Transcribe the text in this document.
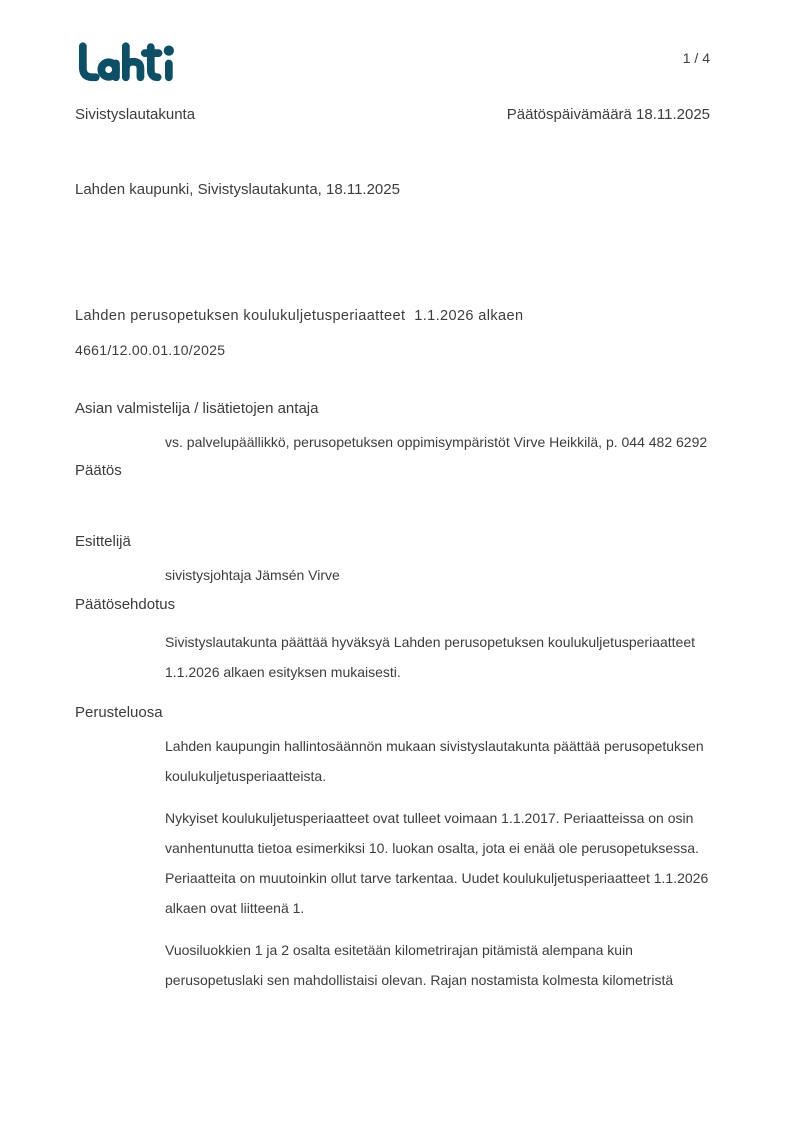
1 / 4
Sivistyslautakunta	Päätöspäivämäärä 18.11.2025
Lahden kaupunki, Sivistyslautakunta, 18.11.2025
Lahden perusopetuksen koulukuljetusperiaatteet  1.1.2026 alkaen
4661/12.00.01.10/2025
Asian valmistelija / lisätietojen antaja

vs. palvelupäällikkö, perusopetuksen oppimisympäristöt Virve Heikkilä, p. 044 482 6292

Päätös
Esittelijä

sivistysjohtaja Jämsén Virve

Päätösehdotus

Sivistyslautakunta päättää hyväksyä Lahden perusopetuksen koulukuljetusperiaatteet 1.1.2026 alkaen esityksen mukaisesti.

Perusteluosa

Lahden kaupungin hallintosäännön mukaan sivistyslautakunta päättää perusopetuksen koulukuljetusperiaatteista.

Nykyiset koulukuljetusperiaatteet ovat tulleet voimaan 1.1.2017. Periaatteissa on osin vanhentunutta tietoa esimerkiksi 10. luokan osalta, jota ei enää ole perusopetuksessa. Periaatteita on muutoinkin ollut tarve tarkentaa. Uudet koulukuljetusperiaatteet 1.1.2026 alkaen ovat liitteenä 1.

Vuosiluokkien 1 ja 2 osalta esitetään kilometrirajan pitämistä alempana kuin perusopetuslaki sen mahdollistaisi olevan. Rajan nostamista kolmesta kilometristä
